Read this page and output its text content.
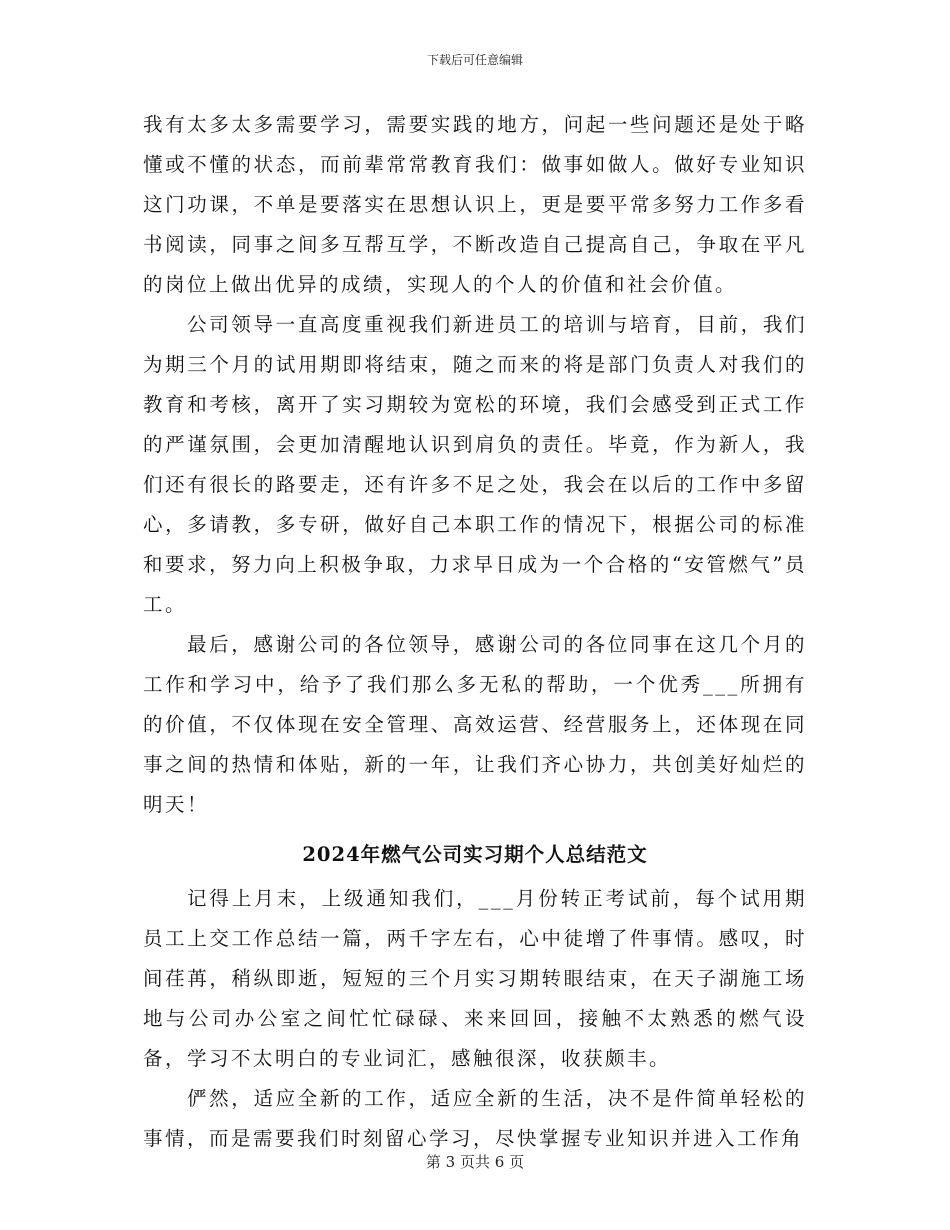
下载后可任意编辑

我有太多太多需要学习，需要实践的地方，问起一些问题还是处于略懂或不懂的状态，而前辈常常教育我们：做事如做人。做好专业知识这门功课，不单是要落实在思想认识上，更是要平常多努力工作多看书阅读，同事之间多互帮互学，不断改造自己提高自己，争取在平凡的岗位上做出优异的成绩，实现人的个人的价值和社会价值。

公司领导一直高度重视我们新进员工的培训与培育，目前，我们为期三个月的试用期即将结束，随之而来的将是部门负责人对我们的教育和考核，离开了实习期较为宽松的环境，我们会感受到正式工作的严谨氛围，会更加清醒地认识到肩负的责任。毕竟，作为新人，我们还有很长的路要走，还有许多不足之处，我会在以后的工作中多留心，多请教，多专研，做好自己本职工作的情况下，根据公司的标准和要求，努力向上积极争取，力求早日成为一个合格的“安管燃气”员工。

最后，感谢公司的各位领导，感谢公司的各位同事在这几个月的工作和学习中，给予了我们那么多无私的帮助，一个优秀___所拥有的价值，不仅体现在安全管理、高效运营、经营服务上，还体现在同事之间的热情和体贴，新的一年，让我们齐心协力，共创美好灿烂的明天！

2024年燃气公司实习期个人总结范文

记得上月末，上级通知我们，___月份转正考试前，每个试用期员工上交工作总结一篇，两千字左右，心中徒增了件事情。感叹，时间荏苒，稍纵即逝，短短的三个月实习期转眼结束，在天子湖施工场地与公司办公室之间忙忙碌碌、来来回回，接触不太熟悉的燃气设备，学习不太明白的专业词汇，感触很深，收获颇丰。

俨然，适应全新的工作，适应全新的生活，决不是件简单轻松的事情，而是需要我们时刻留心学习，尽快掌握专业知识并进入工作角

第 3 页共 6 页
